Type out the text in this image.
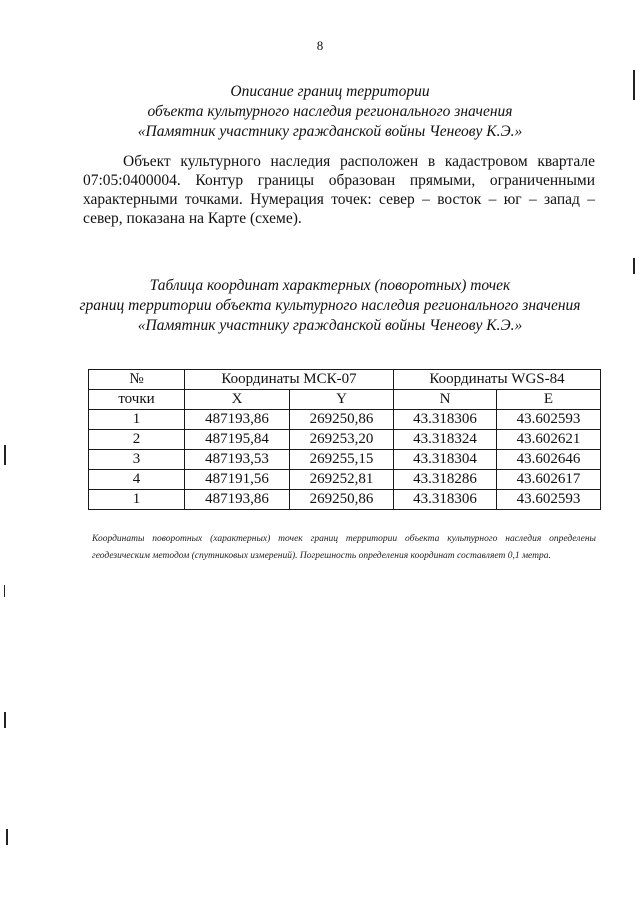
8
Описание границ территории
объекта культурного наследия регионального значения
«Памятник участнику гражданской войны Ченеову К.Э.»

Объект культурного наследия расположен в кадастровом квартале 07:05:0400004. Контур границы образован прямыми, ограниченными характерными точками. Нумерация точек: север – восток – юг – запад – север, показана на Карте (схеме).

Таблица координат характерных (поворотных) точек
границ территории объекта культурного наследия регионального значения
«Памятник участнику гражданской войны Ченеову К.Э.»
№	Координаты МСК-07		Координаты WGS-84	
точки	X	Y	N	E
1	487193,86	269250,86	43.318306	43.602593
2	487195,84	269253,20	43.318324	43.602621
3	487193,53	269255,15	43.318304	43.602646
4	487191,56	269252,81	43.318286	43.602617
1	487193,86	269250,86	43.318306	43.602593
Координаты поворотных (характерных) точек границ территории объекта культурного наследия определены геодезическим методом (спутниковых измерений). Погрешность определения координат составляет 0,1 метра.
